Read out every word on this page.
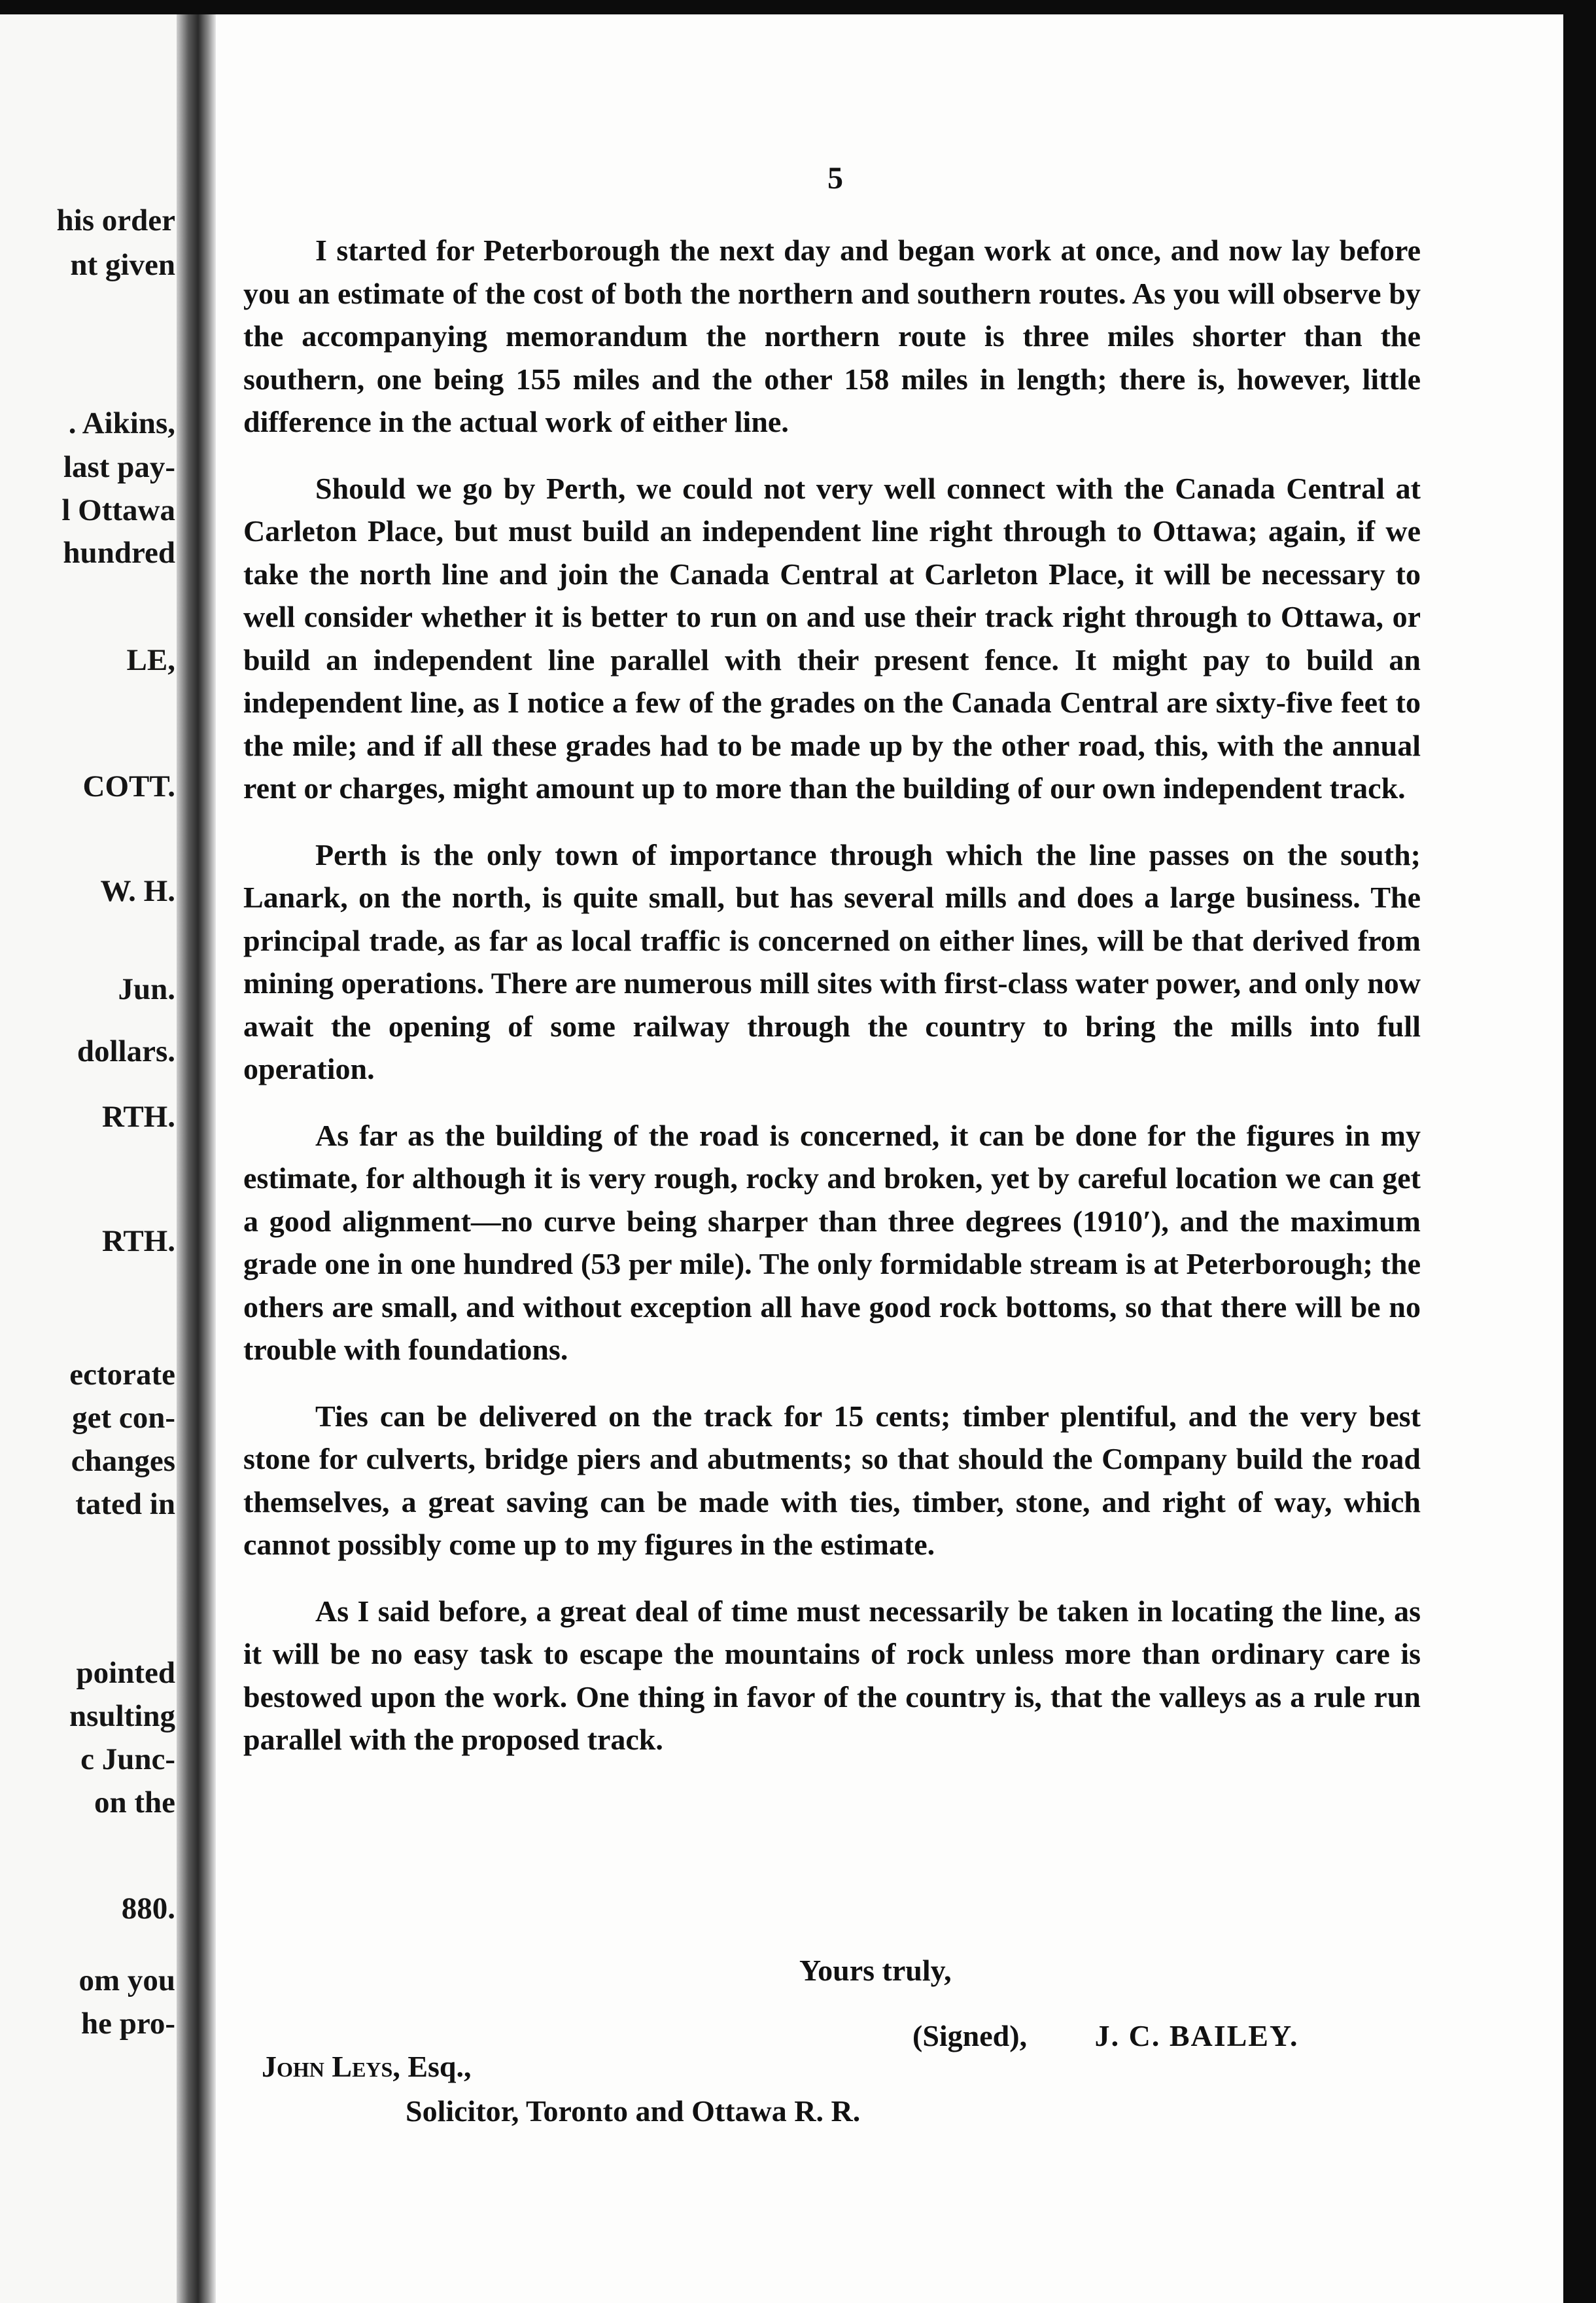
his order
nt given
. Aikins,
last pay-
l Ottawa
hundred
LE,
COTT.
W. H.
Jun.
dollars.
RTH.
RTH.
ectorate
get con-
changes
tated in
pointed
nsulting
c Junc-
on the
880.
om you
he pro-
5

I started for Peterborough the next day and began work at once, and now lay before you an estimate of the cost of both the northern and southern routes. As you will observe by the accompanying memorandum the northern route is three miles shorter than the southern, one being 155 miles and the other 158 miles in length; there is, however, little difference in the actual work of either line.

Should we go by Perth, we could not very well connect with the Canada Central at Carleton Place, but must build an independent line right through to Ottawa; again, if we take the north line and join the Canada Central at Carleton Place, it will be necessary to well consider whether it is better to run on and use their track right through to Ottawa, or build an independent line parallel with their present fence. It might pay to build an independent line, as I notice a few of the grades on the Canada Central are sixty-five feet to the mile; and if all these grades had to be made up by the other road, this, with the annual rent or charges, might amount up to more than the building of our own independent track.

Perth is the only town of importance through which the line passes on the south; Lanark, on the north, is quite small, but has several mills and does a large business. The principal trade, as far as local traffic is concerned on either lines, will be that derived from mining operations. There are numerous mill sites with first-class water power, and only now await the opening of some railway through the country to bring the mills into full operation.

As far as the building of the road is concerned, it can be done for the figures in my estimate, for although it is very rough, rocky and broken, yet by careful location we can get a good alignment—no curve being sharper than three degrees (1910′), and the maximum grade one in one hundred (53 per mile). The only formidable stream is at Peterborough; the others are small, and without exception all have good rock bottoms, so that there will be no trouble with foundations.

Ties can be delivered on the track for 15 cents; timber plentiful, and the very best stone for culverts, bridge piers and abutments; so that should the Company build the road themselves, a great saving can be made with ties, timber, stone, and right of way, which cannot possibly come up to my figures in the estimate.

As I said before, a great deal of time must necessarily be taken in locating the line, as it will be no easy task to escape the mountains of rock unless more than ordinary care is bestowed upon the work. One thing in favor of the country is, that the valleys as a rule run parallel with the proposed track.

Yours truly,
(Signed), J. C. BAILEY.
John Leys, Esq.,
Solicitor, Toronto and Ottawa R. R.
